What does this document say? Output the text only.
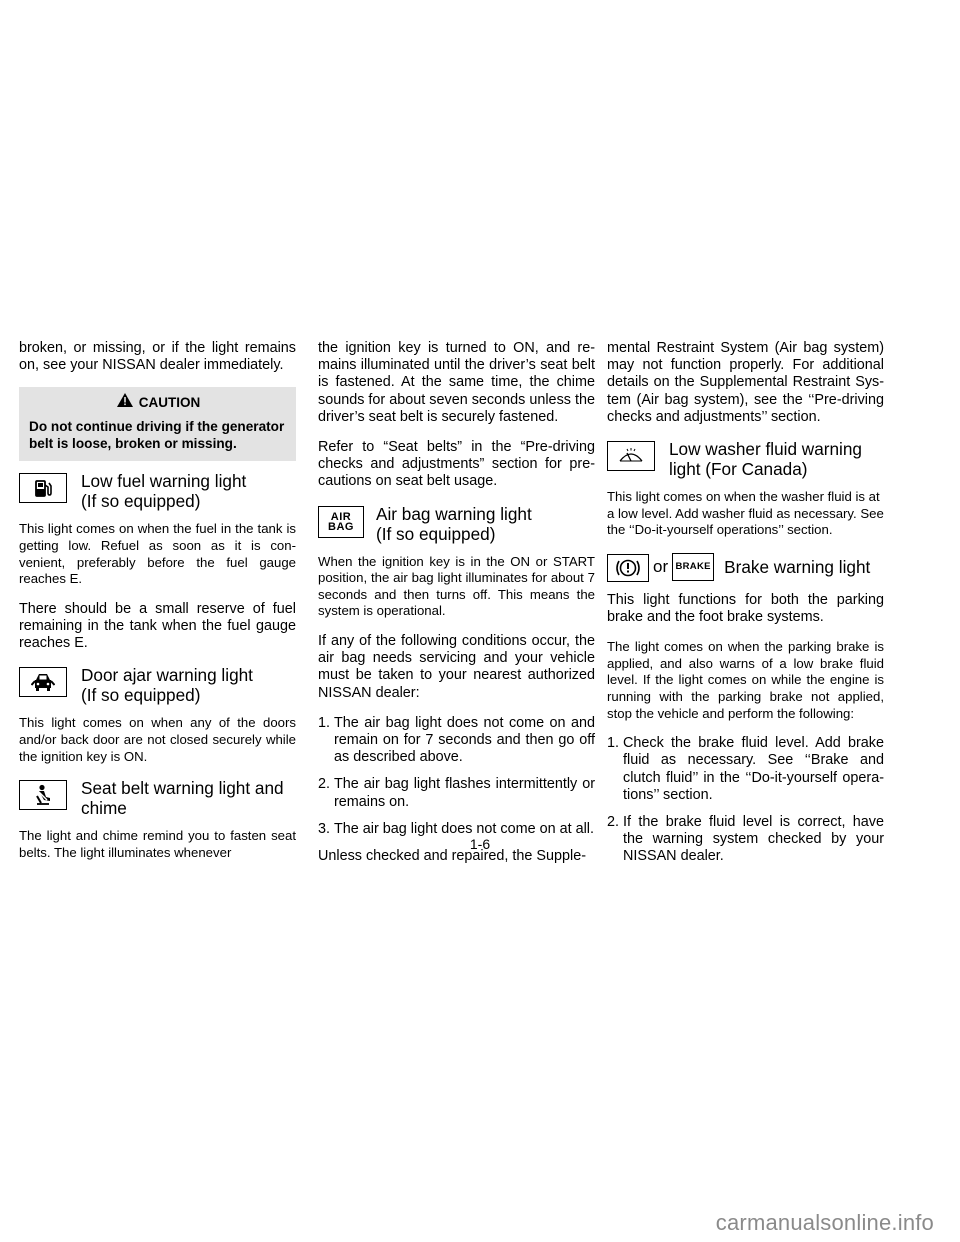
broken, or missing, or if the light remains on, see your NISSAN dealer immediately.

CAUTION
Do not continue driving if the generator belt is loose, broken or missing.
Low fuel warning light
(If so equipped)

This light comes on when the fuel in the tank is getting low. Refuel as soon as it is con- venient, preferably before the fuel gauge reaches E.

There should be a small reserve of fuel remaining in the tank when the fuel gauge reaches E.

Door ajar warning light
(If so equipped)

This light comes on when any of the doors and/or back door are not closed securely while the ignition key is ON.

Seat belt warning light and
chime

The light and chime remind you to fasten seat belts. The light illuminates whenever

the ignition key is turned to ON, and re- mains illuminated until the driver’s seat belt is fastened. At the same time, the chime sounds for about seven seconds unless the driver’s seat belt is securely fastened.

Refer to “Seat belts” in the “Pre-driving checks and adjustments” section for pre- cautions on seat belt usage.

AIR
BAG
Air bag warning light
(If so equipped)

When the ignition key is in the ON or START position, the air bag light illuminates for about 7 seconds and then turns off. This means the system is operational.

If any of the following conditions occur, the air bag needs servicing and your vehicle must be taken to your nearest authorized NISSAN dealer:

1. The air bag light does not come on and remain on for 7 seconds and then go off as described above.
2. The air bag light flashes intermittently or remains on.
3. The air bag light does not come on at all.

Unless checked and repaired, the Supple-

mental Restraint System (Air bag system) may not function properly. For additional details on the Supplemental Restraint Sys- tem (Air bag system), see the ‘‘Pre-driving checks and adjustments’’ section.

Low washer fluid warning
light (For Canada)

This light comes on when the washer fluid is at a low level. Add washer fluid as necessary. See the ‘‘Do-it-yourself operations’’ section.

or BRAKE Brake warning light

This light functions for both the parking brake and the foot brake systems.

The light comes on when the parking brake is applied, and also warns of a low brake fluid level. If the light comes on while the engine is running with the parking brake not applied, stop the vehicle and perform the following:

1. Check the brake fluid level. Add brake fluid as necessary. See ‘‘Brake and clutch fluid’’ in the ‘‘Do-it-yourself opera- tions’’ section.
2. If the brake fluid level is correct, have the warning system checked by your NISSAN dealer.
1-6
carmanualsonline.info
